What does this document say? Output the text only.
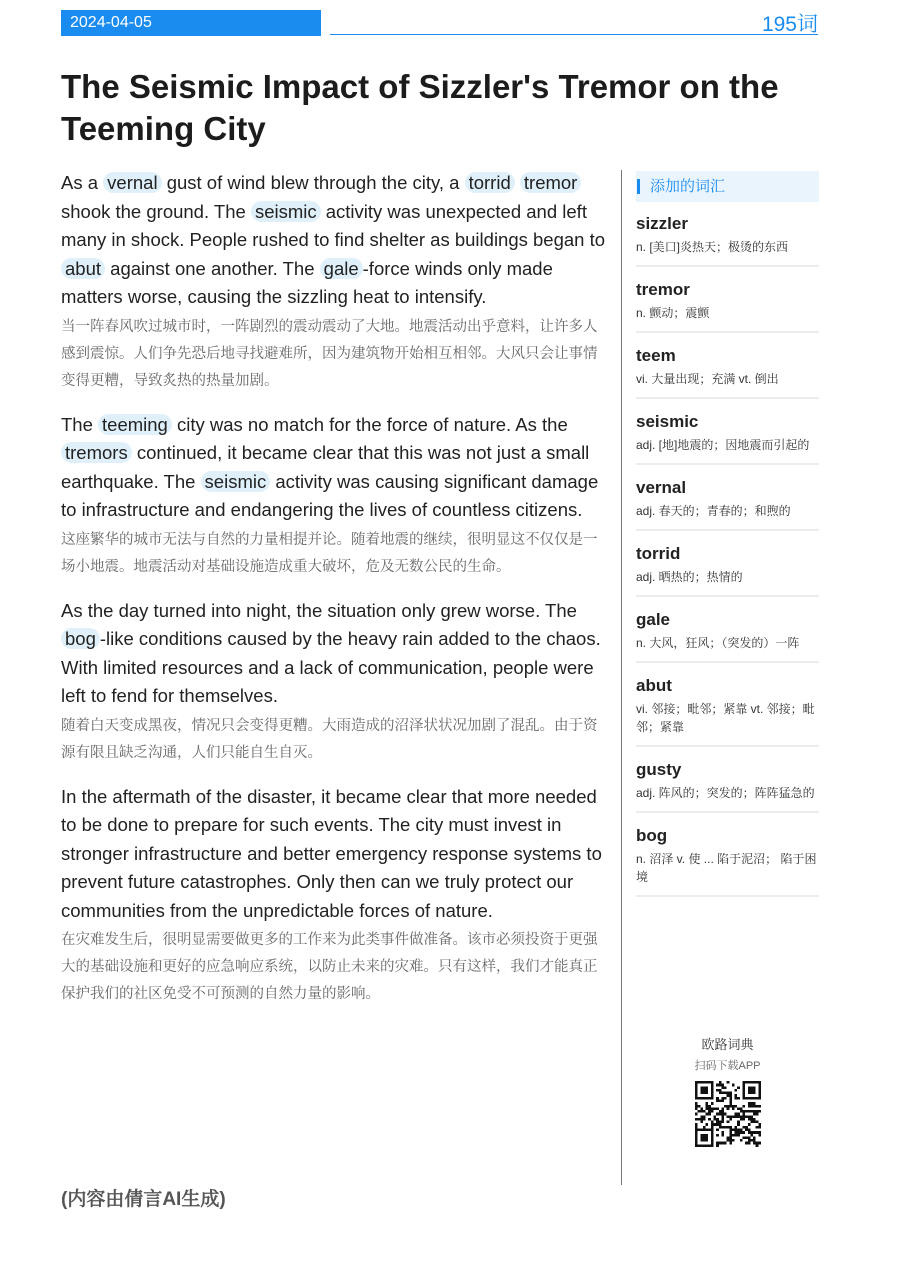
2024-04-05	195词
The Seismic Impact of Sizzler's Tremor on the Teeming City
As a vernal gust of wind blew through the city, a torrid tremor shook the ground. The seismic activity was unexpected and left many in shock. People rushed to find shelter as buildings began to abut against one another. The gale -force winds only made matters worse, causing the sizzling heat to intensify.
当一阵春风吹过城市时，一阵剧烈的震动震动了大地。地震活动出乎意料，让许多人感到震惊。人们争先恐后地寻找避难所，因为建筑物开始相互相邻。大风只会让事情变得更糟，导致炙热的热量加剧。
The teeming city was no match for the force of nature. As the tremors continued, it became clear that this was not just a small earthquake. The seismic activity was causing significant damage to infrastructure and endangering the lives of countless citizens.
这座繁华的城市无法与自然的力量相提并论。随着地震的继续，很明显这不仅仅是一场小地震。地震活动对基础设施造成重大破坏，危及无数公民的生命。
As the day turned into night, the situation only grew worse. The bog -like conditions caused by the heavy rain added to the chaos. With limited resources and a lack of communication, people were left to fend for themselves.
随着白天变成黑夜，情况只会变得更糟。大雨造成的沼泽状状况加剧了混乱。由于资源有限且缺乏沟通，人们只能自生自灭。
In the aftermath of the disaster, it became clear that more needed to be done to prepare for such events. The city must invest in stronger infrastructure and better emergency response systems to prevent future catastrophes. Only then can we truly protect our communities from the unpredictable forces of nature.
在灾难发生后，很明显需要做更多的工作来为此类事件做准备。该市必须投资于更强大的基础设施和更好的应急响应系统，以防止未来的灾难。只有这样，我们才能真正保护我们的社区免受不可预测的自然力量的影响。
添加的词汇
sizzler
n. [美口]炎热天；极烫的东西
tremor
n. 颤动；震颤
teem
vi. 大量出现；充满 vt. 倒出
seismic
adj. [地]地震的；因地震而引起的
vernal
adj. 春天的；青春的；和煦的
torrid
adj. 晒热的；热情的
gale
n. 大风，狂风；（突发的）一阵
abut
vi. 邻接；毗邻；紧靠 vt. 邻接；毗邻；紧靠
gusty
adj. 阵风的；突发的；阵阵猛急的
bog
n. 沼泽 v. 使 ... 陷于泥沼； 陷于困境
欧路词典
扫码下载APP
(内容由倩言AI生成)
